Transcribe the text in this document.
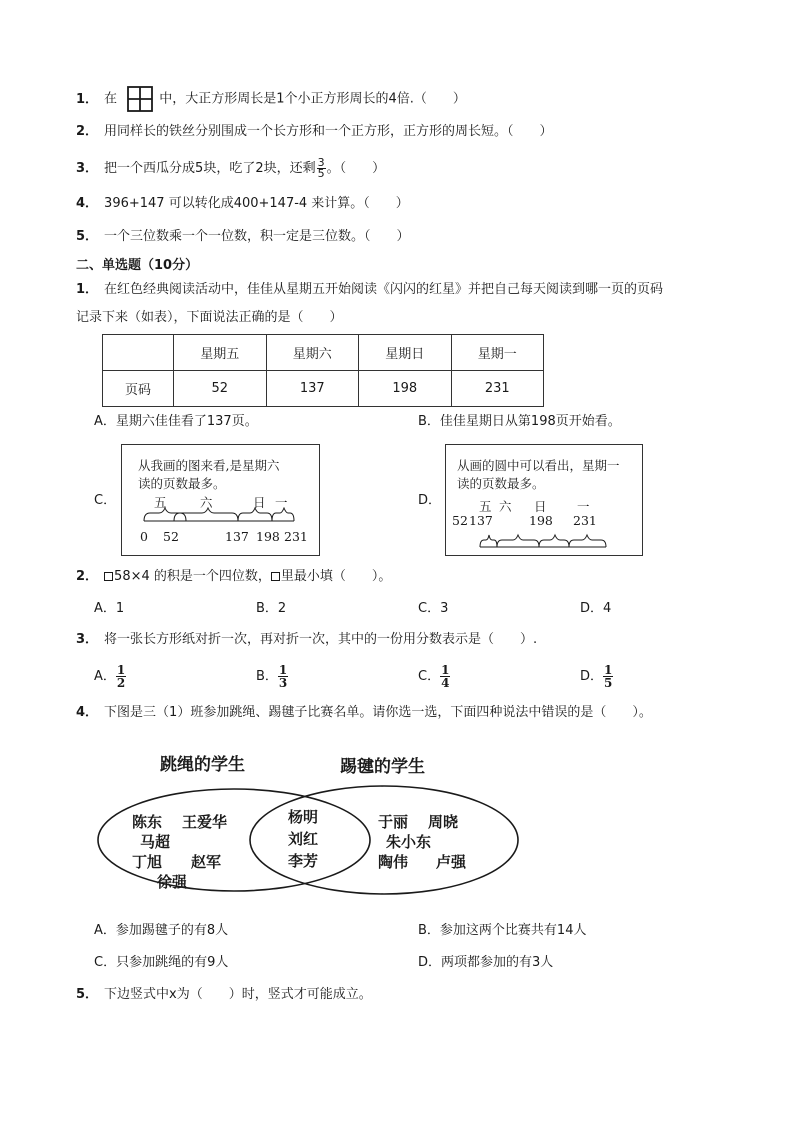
1． 在	中，大正方形周长是1个小正方形周长的4倍.（　　）
2． 用同样长的铁丝分别围成一个长方形和一个正方形，正方形的周长短。（　　）
3． 把一个西瓜分成5块，吃了2块，还剩 $\frac{3}{5}$ 。（　　）
4． 396+147 可以转化成400+147-4 来计算。（　　）
5． 一个三位数乘一个一位数，积一定是三位数。（　　）
二、单选题（10分）
1． 在红色经典阅读活动中，佳佳从星期五开始阅读《闪闪的红星》并把自己每天阅读到哪一页的页码
记录下来（如表），下面说法正确的是（　　）
	星期五	星期六	星期日	星期一
页码	52	137	198	231
A．星期六佳佳看了137页。	B．佳佳星期日从第198页开始看。
C．
从我画的图来看,是星期六
读的页数最多。
五	六	日 一
0 52	137 198 231
D．
从画的圆中可以看出，星期一
读的页数最多。
五 六 日 一
52 137	198 231
2． 58×4 的积是一个四位数， 里最小填（　　）。
A．1	B．2	C．3	D．4
3． 将一张长方形纸对折一次，再对折一次，其中的一份用分数表示是（　　）.
A． $\frac{1}{2}$	B． $\frac{1}{3}$	C． $\frac{1}{4}$	D． $\frac{1}{5}$
4． 下图是三（1）班参加跳绳、踢毽子比赛名单。请你选一选，下面四种说法中错误的是（　　）。
跳绳的学生	踢毽的学生
陈东 王爱华
马超
丁旭 赵军
徐强
杨明
刘红
李芳
于丽 周晓
朱小东
陶伟 卢强
A．参加踢毽子的有8人	B．参加这两个比赛共有14人
C．只参加跳绳的有9人	D．两项都参加的有3人
5． 下边竖式中x为（　　）时，竖式才可能成立。
